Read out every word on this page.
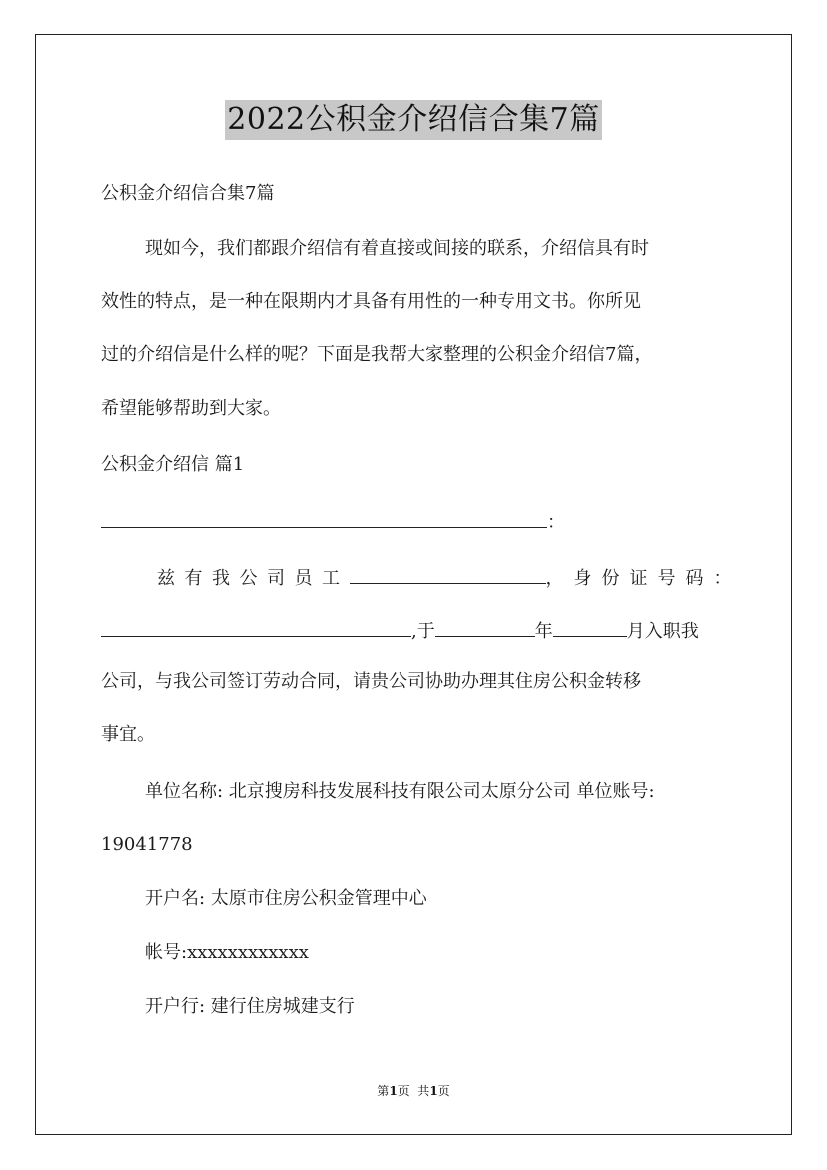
2022公积金介绍信合集7篇
公积金介绍信合集7篇
现如今，我们都跟介绍信有着直接或间接的联系，介绍信具有时
效性的特点，是一种在限期内才具备有用性的一种专用文书。你所见
过的介绍信是什么样的呢？下面是我帮大家整理的公积金介绍信7篇，
希望能够帮助到大家。
公积金介绍信 篇1
：
兹有我公司员工	，身份证号码：
,于	年	月入职我
公司，与我公司签订劳动合同，请贵公司协助办理其住房公积金转移
事宜。
单位名称: 北京搜房科技发展科技有限公司太原分公司 单位账号:
19041778
开户名: 太原市住房公积金管理中心
帐号:xxxxxxxxxxxx
开户行: 建行住房城建支行
第1页  共1页
